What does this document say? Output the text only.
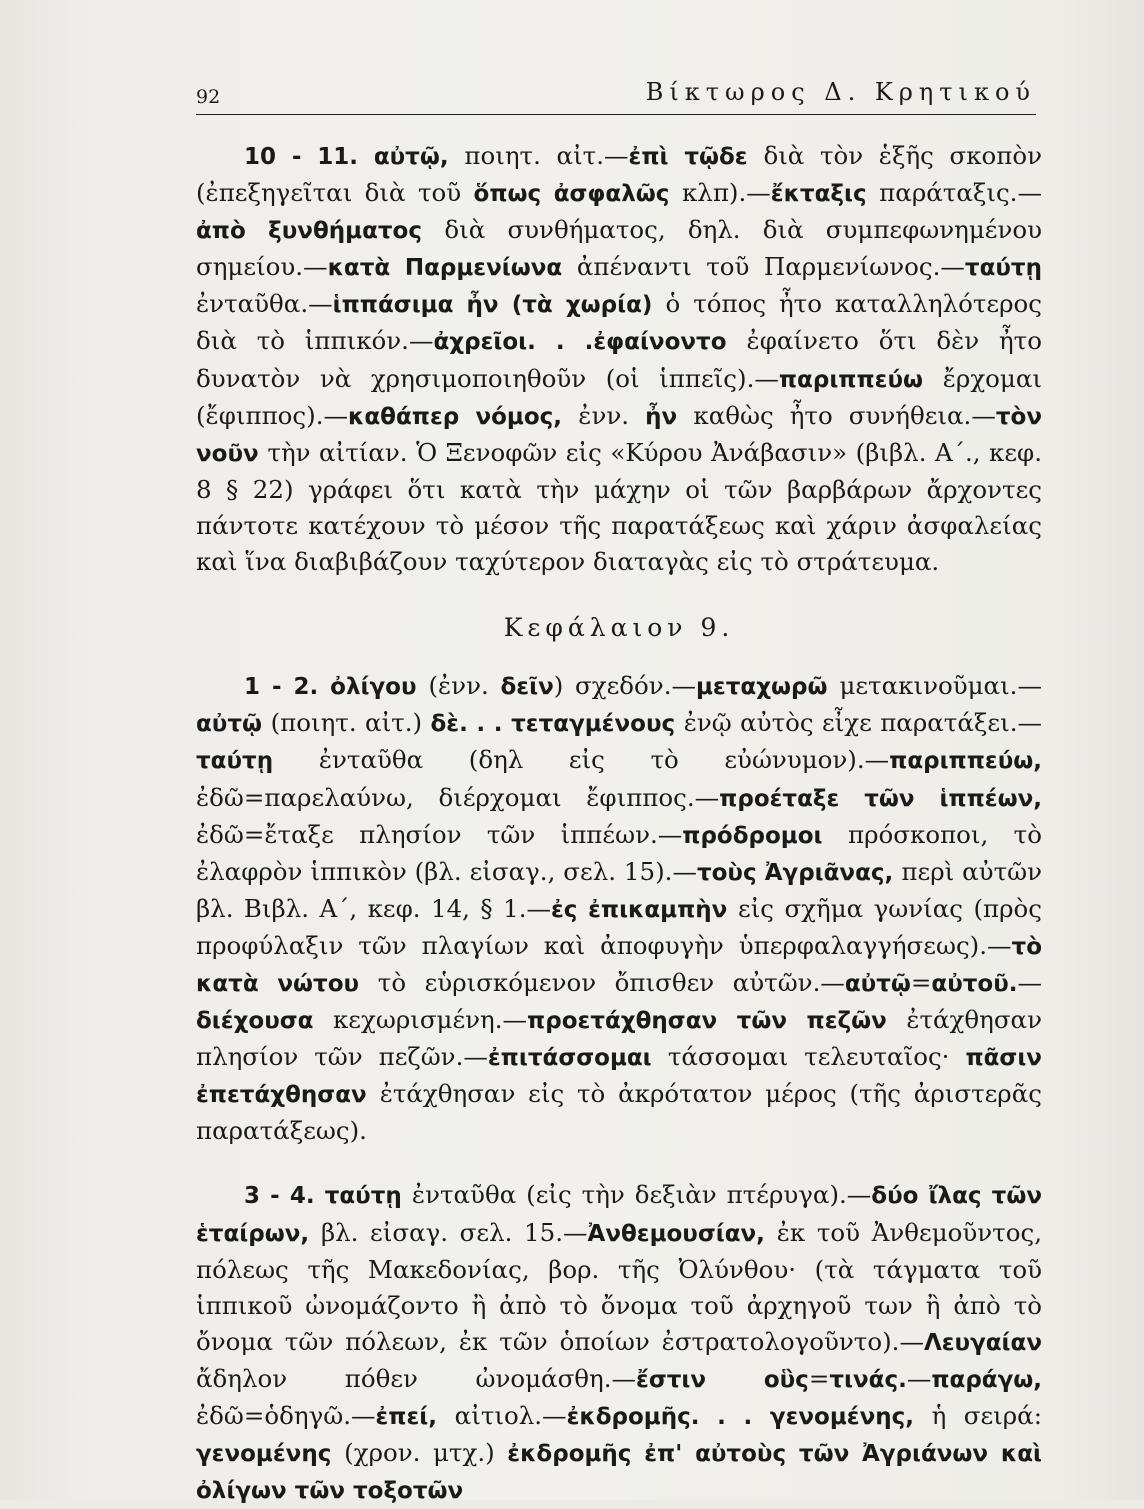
92	Βίκτωρος Δ. Κρητικού

10 - 11. αὐτῷ, ποιητ. αἰτ.—ἐπὶ τῷδε διὰ τὸν ἑξῆς σκοπὸν (ἐπεξηγεῖται διὰ τοῦ ὅπως ἀσφαλῶς κλπ).—ἔκταξις παράταξις.—ἀπὸ ξυνθήματος διὰ συνθήματος, δηλ. διὰ συμπεφωνημένου σημείου.—κατὰ Παρμενίωνα ἀπέναντι τοῦ Παρμενίωνος.—ταύτῃ ἐνταῦθα.—ἱππάσιμα ἦν (τὰ χωρία) ὁ τόπος ἦτο καταλληλότερος διὰ τὸ ἱππικόν.—ἀχρεῖοι. . .ἐφαίνοντο ἐφαίνετο ὅτι δὲν ἦτο δυνατὸν νὰ χρησιμοποιηθοῦν (οἱ ἱππεῖς).—παριππεύω ἔρχομαι (ἔφιππος).—καθάπερ νόμος, ἐνν. ἦν καθὼς ἦτο συνήθεια.—τὸν νοῦν τὴν αἰτίαν. Ὁ Ξενοφῶν εἰς «Κύρου Ἀνάβασιν» (βιβλ. Α΄., κεφ. 8 § 22) γράφει ὅτι κατὰ τὴν μάχην οἱ τῶν βαρβάρων ἄρχοντες πάντοτε κατέχουν τὸ μέσον τῆς παρατάξεως καὶ χάριν ἀσφαλείας καὶ ἵνα διαβιβάζουν ταχύτερον διαταγὰς εἰς τὸ στράτευμα.

Κεφάλαιον 9.

1 - 2. ὀλίγου (ἐνν. δεῖν) σχεδόν.—μεταχωρῶ μετακινοῦμαι.—αὐτῷ (ποιητ. αἰτ.) δὲ. . . τεταγμένους ἐνῷ αὐτὸς εἶχε παρατάξει.—ταύτῃ ἐνταῦθα (δηλ εἰς τὸ εὐώνυμον).—παριππεύω, ἐδῶ=παρελαύνω, διέρχομαι ἔφιππος.—προέταξε τῶν ἱππέων, ἐδῶ=ἔταξε πλησίον τῶν ἱππέων.—πρόδρομοι πρόσκοποι, τὸ ἐλαφρὸν ἱππικὸν (βλ. εἰσαγ., σελ. 15).—τοὺς Ἀγριᾶνας, περὶ αὐτῶν βλ. Βιβλ. Α΄, κεφ. 14, § 1.—ἐς ἐπικαμπὴν εἰς σχῆμα γωνίας (πρὸς προφύλαξιν τῶν πλαγίων καὶ ἀποφυγὴν ὑπερφαλαγγήσεως).—τὸ κατὰ νώτου τὸ εὑρισκόμενον ὄπισθεν αὐτῶν.—αὐτῷ=αὐτοῦ.—διέχουσα κεχωρισμένη.—προετάχθησαν τῶν πεζῶν ἐτάχθησαν πλησίον τῶν πεζῶν.—ἐπιτάσσομαι τάσσομαι τελευταῖος· πᾶσιν ἐπετάχθησαν ἐτάχθησαν εἰς τὸ ἀκρότατον μέρος (τῆς ἀριστερᾶς παρατάξεως).

3 - 4. ταύτῃ ἐνταῦθα (εἰς τὴν δεξιὰν πτέρυγα).—δύο ἴλας τῶν ἑταίρων, βλ. εἰσαγ. σελ. 15.—Ἀνθεμουσίαν, ἐκ τοῦ Ἀνθεμοῦντος, πόλεως τῆς Μακεδονίας, βορ. τῆς Ὀλύνθου· (τὰ τάγματα τοῦ ἱππικοῦ ὠνομάζοντο ἢ ἀπὸ τὸ ὄνομα τοῦ ἀρχηγοῦ των ἢ ἀπὸ τὸ ὄνομα τῶν πόλεων, ἐκ τῶν ὁποίων ἐστρατολογοῦντο).—Λευγαίαν ἄδηλον πόθεν ὠνομάσθη.—ἔστιν οὓς=τινάς.—παράγω, ἐδῶ=ὁδηγῶ.—ἐπεί, αἰτιολ.—ἐκδρομῆς. . . γενομένης, ἡ σειρά: γενομένης (χρον. μτχ.) ἐκδρομῆς ἐπ' αὐτοὺς τῶν Ἀγριάνων καὶ ὀλίγων τῶν τοξοτῶν
